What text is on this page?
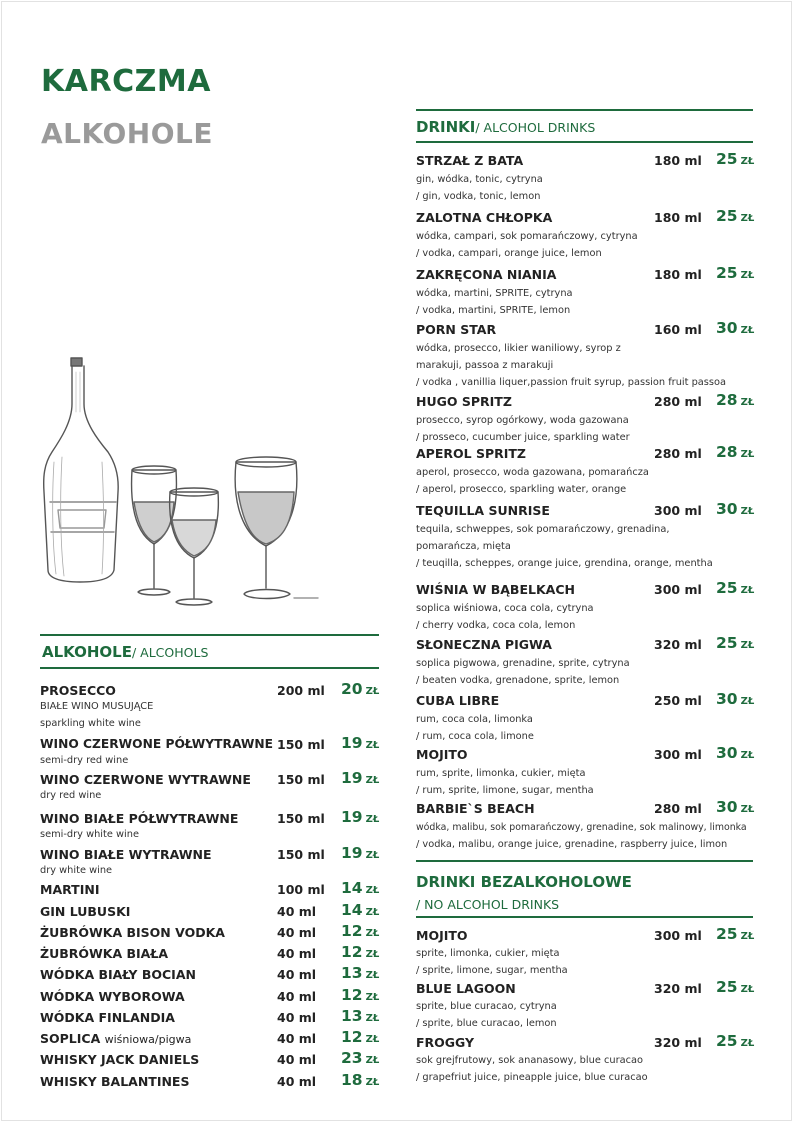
KARCZMA
ALKOHOLE	DRINKI/ ALCOHOL DRINKS
STRZAŁ Z BATA	180 ml 25 ZŁ
gin, wódka, tonic, cytryna
/ gin, vodka, tonic, lemon
ZALOTNA CHŁOPKA	180 ml 25 ZŁ
wódka, campari, sok pomarańczowy, cytryna
/ vodka, campari, orange juice, lemon
ZAKRĘCONA NIANIA	180 ml 25 ZŁ
wódka, martini, SPRITE, cytryna
/ vodka, martini, SPRITE, lemon
PORN STAR	160 ml 30 ZŁ
wódka, prosecco, likier waniliowy, syrop z
marakuji, passoa z marakuji
/ vodka , vanillia liquer,passion fruit syrup, passion fruit passoa
HUGO SPRITZ	280 ml 28 ZŁ
prosecco, syrop ogórkowy, woda gazowana
/ prosseco, cucumber juice, sparkling water
APEROL SPRITZ	280 ml 28 ZŁ
aperol, prosecco, woda gazowana, pomarańcza
/ aperol, prosecco, sparkling water, orange
TEQUILLA SUNRISE	300 ml 30 ZŁ
tequila, schweppes, sok pomarańczowy, grenadina,
pomarańcza, mięta
/ teuqilla, scheppes, orange juice, grendina, orange, mentha
WIŚNIA W BĄBELKACH	300 ml 25 ZŁ
soplica wiśniowa, coca cola, cytryna
/ cherry vodka, coca cola, lemon
SŁONECZNA PIGWA	320 ml 25 ZŁ
soplica pigwowa, grenadine, sprite, cytryna
/ beaten vodka, grenadone, sprite, lemon
CUBA LIBRE	250 ml 30 ZŁ
rum, coca cola, limonka
/ rum, coca cola, limone
MOJITO	300 ml 30 ZŁ
rum, sprite, limonka, cukier, mięta
/ rum, sprite, limone, sugar, mentha
BARBIE`S BEACH	280 ml 30 ZŁ
wódka, malibu, sok pomarańczowy, grenadine, sok malinowy, limonka
/ vodka, malibu, orange juice, grenadine, raspberry juice, limon
DRINKI BEZALKOHOLOWE
/ NO ALCOHOL DRINKS
MOJITO	300 ml 25 ZŁ
sprite, limonka, cukier, mięta
/ sprite, limone, sugar, mentha
BLUE LAGOON	320 ml 25 ZŁ
sprite, blue curacao, cytryna
/ sprite, blue curacao, lemon
FROGGY	320 ml 25 ZŁ
sok grejfrutowy, sok ananasowy, blue curacao
/ grapefriut juice, pineapple juice, blue curacao
ALKOHOLE/ ALCOHOLS
PROSECCO	200 ml 20 ZŁ
BIAŁE WINO MUSUJĄCE
sparkling white wine
WINO CZERWONE PÓŁWYTRAWNE 150 ml 19 ZŁ
semi-dry red wine
WINO CZERWONE WYTRAWNE 150 ml 19 ZŁ
dry red wine
WINO BIAŁE PÓŁWYTRAWNE	150 ml 19 ZŁ
semi-dry white wine
WINO BIAŁE WYTRAWNE	150 ml 19 ZŁ
dry white wine
MARTINI	100 ml 14 ZŁ
GIN LUBUSKI	40 ml 14 ZŁ
ŻUBRÓWKA BISON VODKA	40 ml 12 ZŁ
ŻUBRÓWKA BIAŁA	40 ml 12 ZŁ
WÓDKA BIAŁY BOCIAN	40 ml 13 ZŁ
WÓDKA WYBOROWA	40 ml 12 ZŁ
WÓDKA FINLANDIA	40 ml 13 ZŁ
SOPLICA wiśniowa/pigwa	40 ml 12 ZŁ
WHISKY JACK DANIELS	40 ml 23 ZŁ
WHISKY BALANTINES	40 ml 18 ZŁ
